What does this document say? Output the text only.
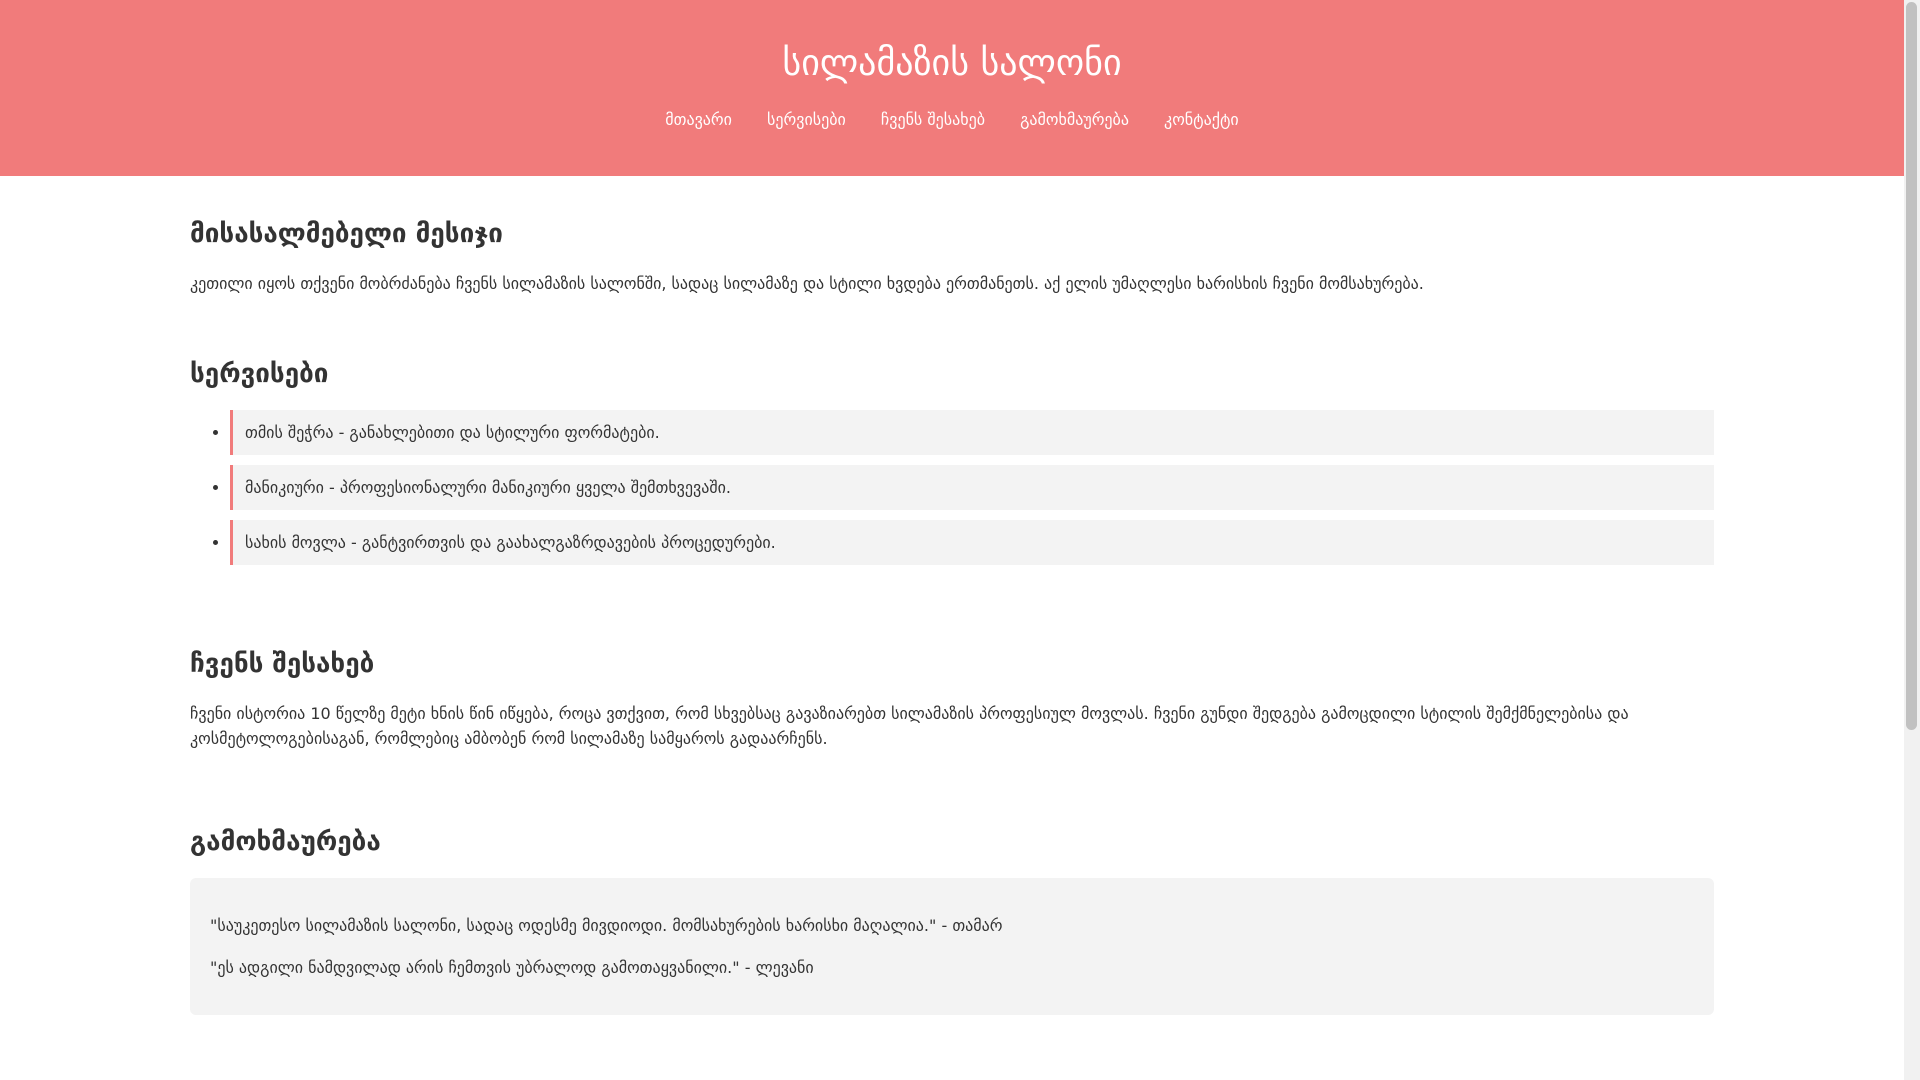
სილამაზის სალონი
მთავარი სერვისები ჩვენს შესახებ გამოხმაურება კონტაქტი
მისასალმებელი მესიჯი

კეთილი იყოს თქვენი მობრძანება ჩვენს სილამაზის სალონში, სადაც სილამაზე და სტილი ხვდება ერთმანეთს. აქ ელის უმაღლესი ხარისხის ჩვენი მომსახურება.

სერვისები
• თმის შეჭრა - განახლებითი და სტილური ფორმატები.
• მანიკიური - პროფესიონალური მანიკიური ყველა შემთხვევაში.
• სახის მოვლა - განტვირთვის და გაახალგაზრდავების პროცედურები.
ჩვენს შესახებ

ჩვენი ისტორია 10 წელზე მეტი ხნის წინ იწყება, როცა ვთქვით, რომ სხვებსაც გავაზიარებთ სილამაზის პროფესიულ მოვლას. ჩვენი გუნდი შედგება გამოცდილი სტილის შემქმნელებისა და კოსმეტოლოგებისაგან, რომლებიც ამბობენ რომ სილამაზე სამყაროს გადაარჩენს.

გამოხმაურება

"საუკეთესო სილამაზის სალონი, სადაც ოდესმე მივდიოდი. მომსახურების ხარისხი მაღალია." - თამარ

"ეს ადგილი ნამდვილად არის ჩემთვის უბრალოდ გამოთაყვანილი." - ლევანი
